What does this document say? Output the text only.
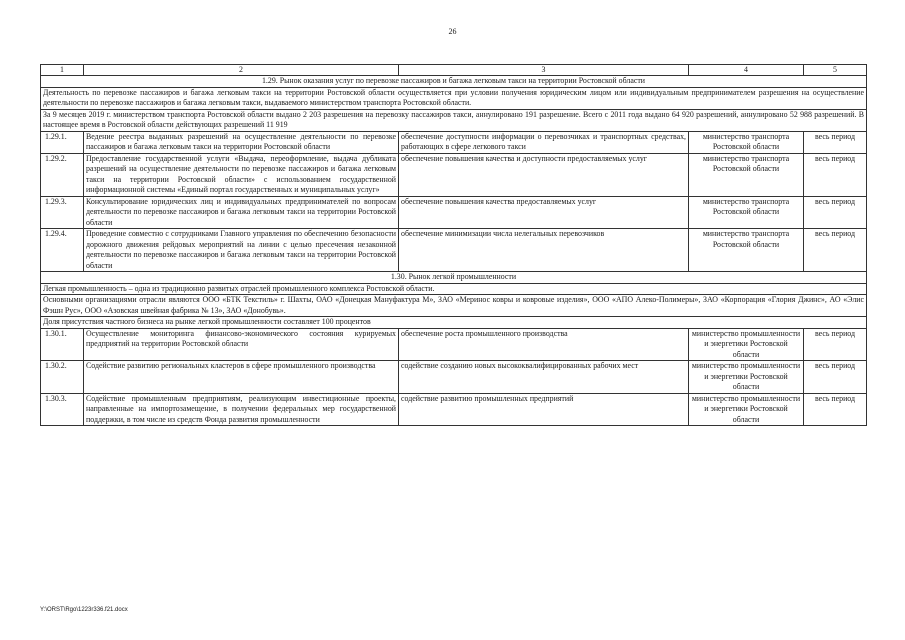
26
1	2	3	4	5
1.29. Рынок оказания услуг по перевозке пассажиров и багажа легковым такси на территории Ростовской области				
Деятельность по перевозке пассажиров и багажа легковым такси на территории Ростовской области осуществляется при условии получения юридическим лицом или индивидуальным предпринимателем разрешения на осуществление деятельности по перевозке пассажиров и багажа легковым такси, выдаваемого министерством транспорта Ростовской области.				
За 9 месяцев 2019 г. министерством транспорта Ростовской области выдано 2 203 разрешения на перевозку пассажиров такси, аннулировано 191 разрешение. Всего с 2011 года выдано 64 920 разрешений, аннулировано 52 988 разрешений. В настоящее время в Ростовской области действующих разрешений 11 919				
1.29.1.	Ведение реестра выданных разрешений на осуществление деятельности по перевозке пассажиров и багажа легковым такси на территории Ростовской области	обеспечение доступности информации о перевозчиках и транспортных средствах, работающих в сфере легкового такси	министерство транспорта Ростовской области	весь период
1.29.2.	Предоставление государственной услуги «Выдача, переоформление, выдача дубликата разрешений на осуществление деятельности по перевозке пассажиров и багажа легковым такси на территории Ростовской области» с использованием государственной информационной системы «Единый портал государственных и муниципальных услуг»	обеспечение повышения качества и доступности предоставляемых услуг	министерство транспорта Ростовской области	весь период
1.29.3.	Консультирование юридических лиц и индивидуальных предпринимателей по вопросам деятельности по перевозке пассажиров и багажа легковым такси на территории Ростовской области	обеспечение повышения качества предоставляемых услуг	министерство транспорта Ростовской области	весь период
1.29.4.	Проведение совместно с сотрудниками Главного управления по обеспечению безопасности дорожного движения рейдовых мероприятий на линии с целью пресечения незаконной деятельности по перевозке пассажиров и багажа легковым такси на территории Ростовской области	обеспечение минимизации числа нелегальных перевозчиков	министерство транспорта Ростовской области	весь период
1.30. Рынок легкой промышленности				
Легкая промышленность – одна из традиционно развитых отраслей промышленного комплекса Ростовской области.				
Основными организациями отрасли являются ООО «БТК Текстиль» г. Шахты, ОАО «Донецкая Мануфактура М», ЗАО «Меринос ковры и ковровые изделия», ООО «АПО Алеко-Полимеры», ЗАО «Корпорация «Глория Джинс», АО «Элис Фэшн Рус», ООО «Азовская швейная фабрика № 13», ЗАО «Донобувь».				
Доля присутствия частного бизнеса на рынке легкой промышленности составляет 100 процентов				
1.30.1.	Осуществление мониторинга финансово-экономического состояния курируемых предприятий на территории Ростовской области	обеспечение роста промышленного производства	министерство промышленности и энергетики Ростовской области	весь период
1.30.2.	Содействие развитию региональных кластеров в сфере промышленного производства	содействие созданию новых высококвалифицированных рабочих мест	министерство промышленности и энергетики Ростовской области	весь период
1.30.3.	Содействие промышленным предприятиям, реализующим инвестиционные проекты, направленные на импортозамещение, в получении федеральных мер государственной поддержки, в том числе из средств Фонда развития промышленности	содействие развитию промышленных предприятий	министерство промышленности и энергетики Ростовской области	весь период
Y:\ORST\Rgo\1223r336.f21.docx
